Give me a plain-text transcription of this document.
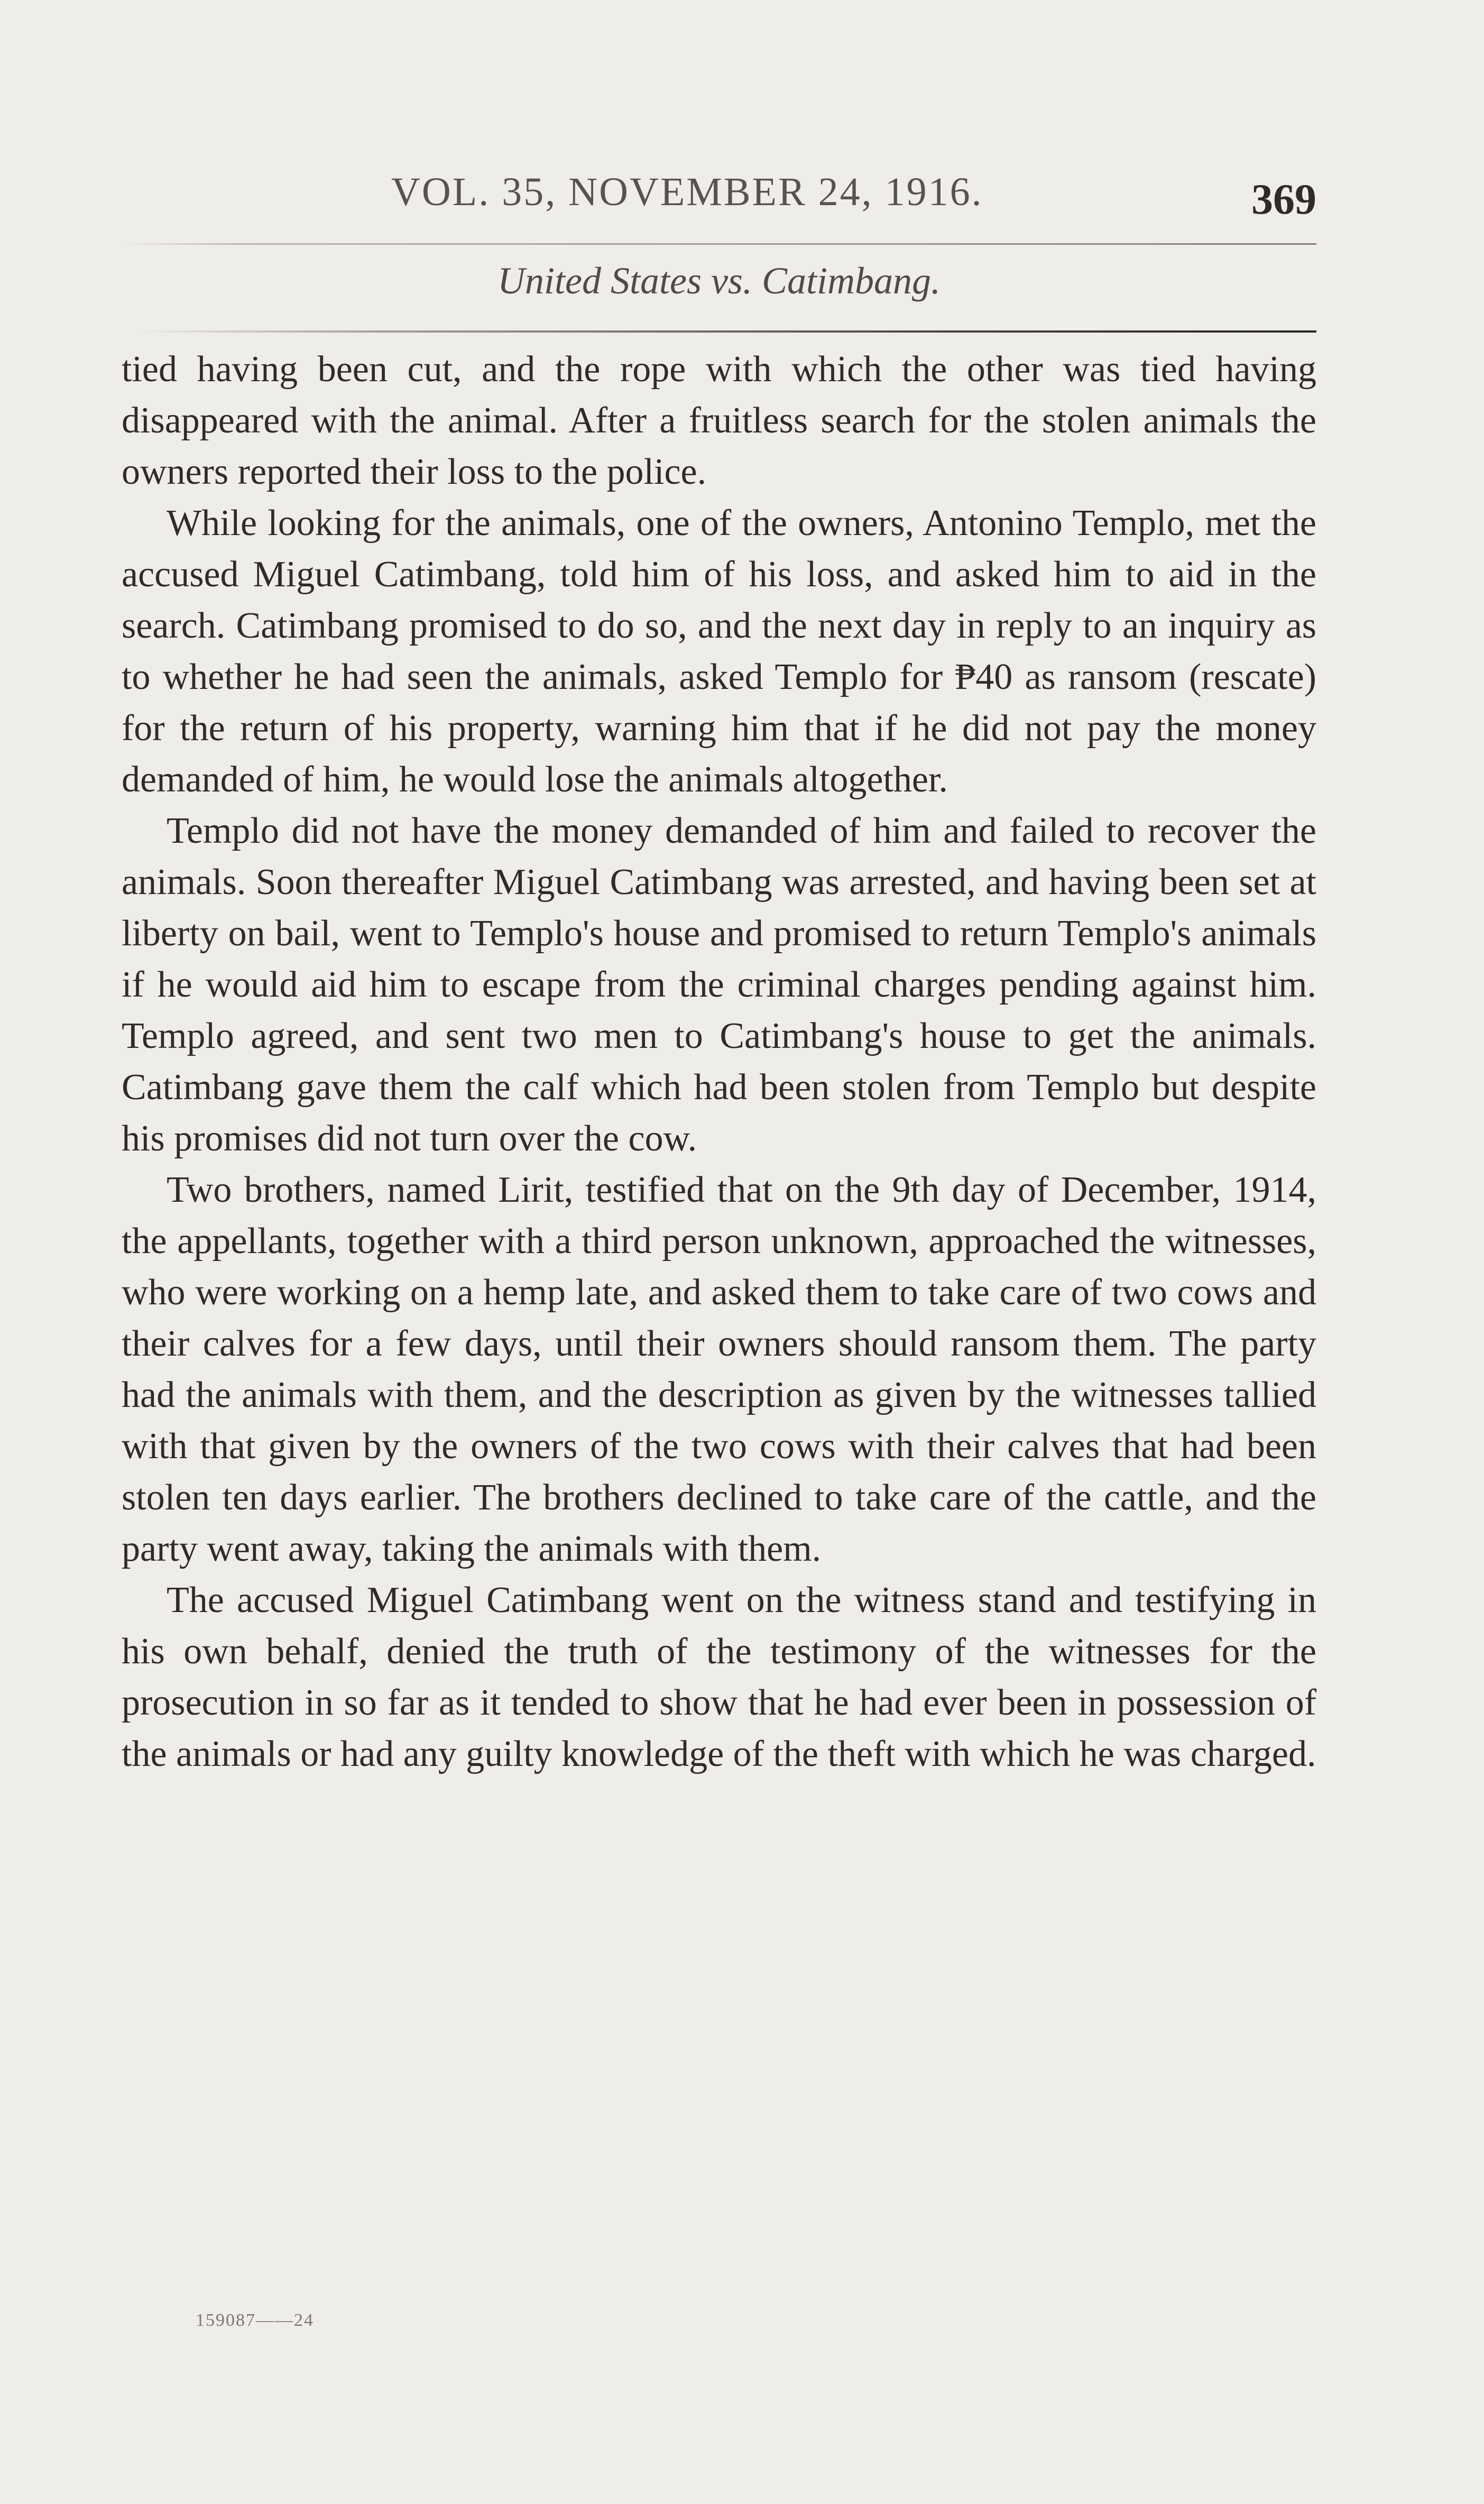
VOL. 35, NOVEMBER 24, 1916.	369
United States vs. Catimbang.

tied having been cut, and the rope with which the other was tied having disappeared with the animal. After a fruitless search for the stolen animals the owners reported their loss to the police.

While looking for the animals, one of the owners, Antonino Templo, met the accused Miguel Catimbang, told him of his loss, and asked him to aid in the search. Catimbang promised to do so, and the next day in reply to an inquiry as to whether he had seen the animals, asked Templo for ₱40 as ransom (rescate) for the return of his property, warning him that if he did not pay the money demanded of him, he would lose the animals altogether.

Templo did not have the money demanded of him and failed to recover the animals. Soon thereafter Miguel Catimbang was arrested, and having been set at liberty on bail, went to Templo's house and promised to return Templo's animals if he would aid him to escape from the criminal charges pending against him. Templo agreed, and sent two men to Catimbang's house to get the animals. Catimbang gave them the calf which had been stolen from Templo but despite his promises did not turn over the cow.

Two brothers, named Lirit, testified that on the 9th day of December, 1914, the appellants, together with a third person unknown, approached the witnesses, who were working on a hemp late, and asked them to take care of two cows and their calves for a few days, until their owners should ransom them. The party had the animals with them, and the description as given by the witnesses tallied with that given by the owners of the two cows with their calves that had been stolen ten days earlier. The brothers declined to take care of the cattle, and the party went away, taking the animals with them.

The accused Miguel Catimbang went on the witness stand and testifying in his own behalf, denied the truth of the testimony of the witnesses for the prosecution in so far as it tended to show that he had ever been in possession of the animals or had any guilty knowledge of the theft with which he was charged.

159087——24
